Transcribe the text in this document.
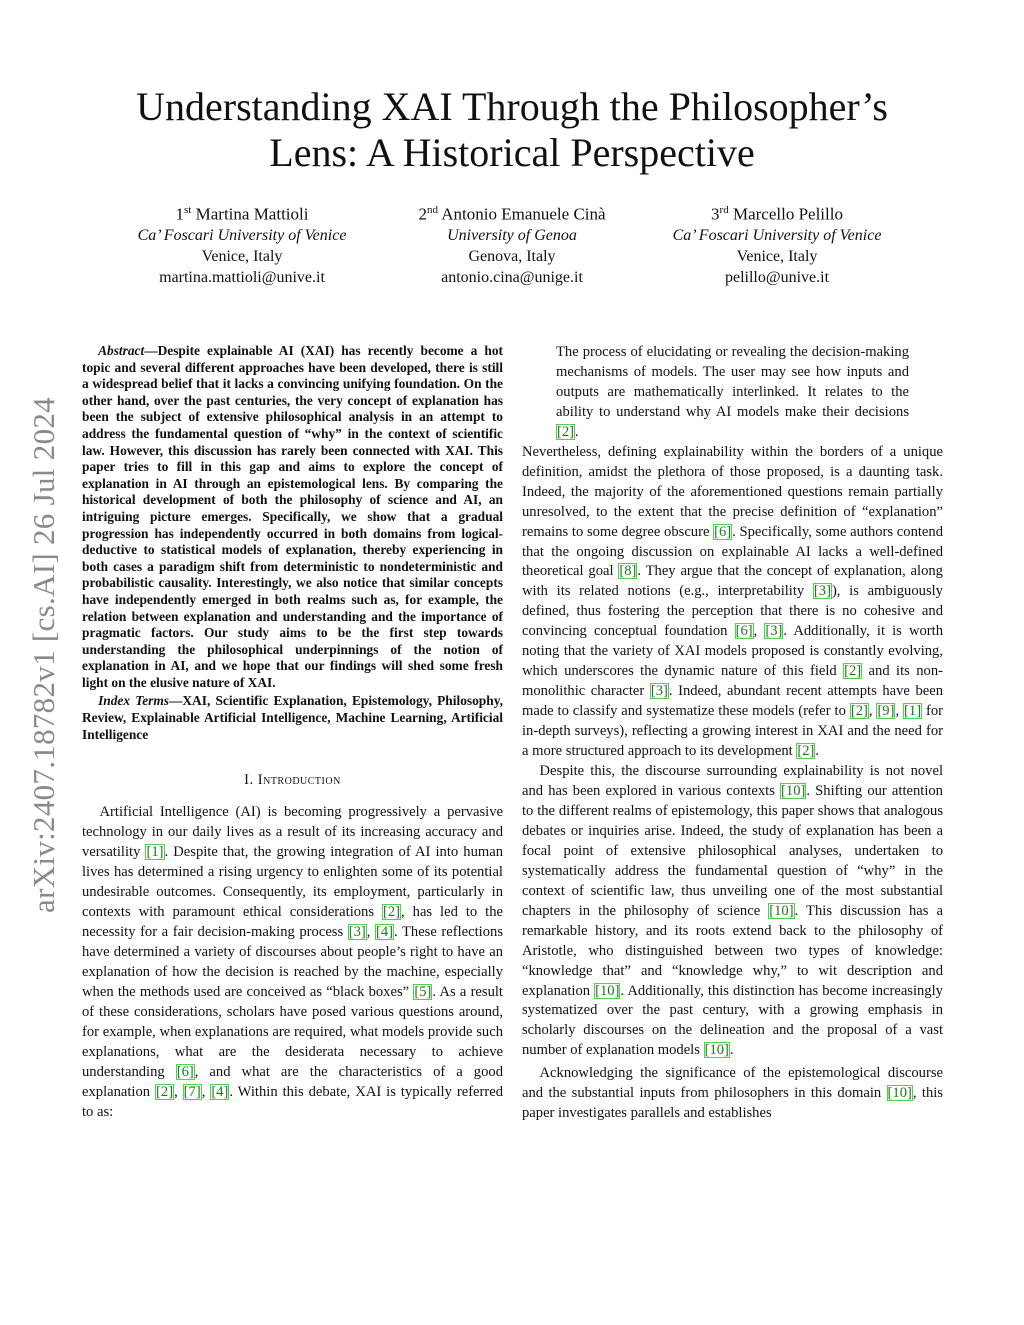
arXiv:2407.18782v1 [cs.AI] 26 Jul 2024
Understanding XAI Through the Philosopher’s Lens: A Historical Perspective
1st Martina Mattioli
Ca’ Foscari University of Venice
Venice, Italy
martina.mattioli@unive.it
2nd Antonio Emanuele Cinà
University of Genoa
Genova, Italy
antonio.cina@unige.it
3rd Marcello Pelillo
Ca’ Foscari University of Venice
Venice, Italy
pelillo@unive.it

Abstract—Despite explainable AI (XAI) has recently become a hot topic and several different approaches have been developed, there is still a widespread belief that it lacks a convincing unifying foundation. On the other hand, over the past centuries, the very concept of explanation has been the subject of extensive philosophical analysis in an attempt to address the fundamental question of “why” in the context of scientific law. However, this discussion has rarely been connected with XAI. This paper tries to fill in this gap and aims to explore the concept of explanation in AI through an epistemological lens. By comparing the historical development of both the philosophy of science and AI, an intriguing picture emerges. Specifically, we show that a gradual progression has independently occurred in both domains from logical-deductive to statistical models of explanation, thereby experiencing in both cases a paradigm shift from deterministic to nondeterministic and probabilistic causality. Interestingly, we also notice that similar concepts have independently emerged in both realms such as, for example, the relation between explanation and understanding and the importance of pragmatic factors. Our study aims to be the first step towards understanding the philosophical underpinnings of the notion of explanation in AI, and we hope that our findings will shed some fresh light on the elusive nature of XAI.

Index Terms—XAI, Scientific Explanation, Epistemology, Philosophy, Review, Explainable Artificial Intelligence, Machine Learning, Artificial Intelligence

I. Introduction

Artificial Intelligence (AI) is becoming progressively a pervasive technology in our daily lives as a result of its increasing accuracy and versatility [1]. Despite that, the growing integration of AI into human lives has determined a rising urgency to enlighten some of its potential undesirable outcomes. Consequently, its employment, particularly in contexts with paramount ethical considerations [2], has led to the necessity for a fair decision-making process [3], [4]. These reflections have determined a variety of discourses about people’s right to have an explanation of how the decision is reached by the machine, especially when the methods used are conceived as “black boxes” [5]. As a result of these considerations, scholars have posed various questions around, for example, when explanations are required, what models provide such explanations, what are the desiderata necessary to achieve understanding [6], and what are the characteristics of a good explanation [2], [7], [4]. Within this debate, XAI is typically referred to as:

The process of elucidating or revealing the decision-making mechanisms of models. The user may see how inputs and outputs are mathematically interlinked. It relates to the ability to understand why AI models make their decisions [2].

Nevertheless, defining explainability within the borders of a unique definition, amidst the plethora of those proposed, is a daunting task. Indeed, the majority of the aforementioned questions remain partially unresolved, to the extent that the precise definition of “explanation” remains to some degree obscure [6]. Specifically, some authors contend that the ongoing discussion on explainable AI lacks a well-defined theoretical goal [8]. They argue that the concept of explanation, along with its related notions (e.g., interpretability [3]), is ambiguously defined, thus fostering the perception that there is no cohesive and convincing conceptual foundation [6], [3]. Additionally, it is worth noting that the variety of XAI models proposed is constantly evolving, which underscores the dynamic nature of this field [2] and its non-monolithic character [3]. Indeed, abundant recent attempts have been made to classify and systematize these models (refer to [2], [9], [1] for in-depth surveys), reflecting a growing interest in XAI and the need for a more structured approach to its development [2].

Despite this, the discourse surrounding explainability is not novel and has been explored in various contexts [10]. Shifting our attention to the different realms of epistemology, this paper shows that analogous debates or inquiries arise. Indeed, the study of explanation has been a focal point of extensive philosophical analyses, undertaken to systematically address the fundamental question of “why” in the context of scientific law, thus unveiling one of the most substantial chapters in the philosophy of science [10]. This discussion has a remarkable history, and its roots extend back to the philosophy of Aristotle, who distinguished between two types of knowledge: “knowledge that” and “knowledge why,” to wit description and explanation [10]. Additionally, this distinction has become increasingly systematized over the past century, with a growing emphasis in scholarly discourses on the delineation and the proposal of a vast number of explanation models [10].

Acknowledging the significance of the epistemological discourse and the substantial inputs from philosophers in this domain [10], this paper investigates parallels and establishes
